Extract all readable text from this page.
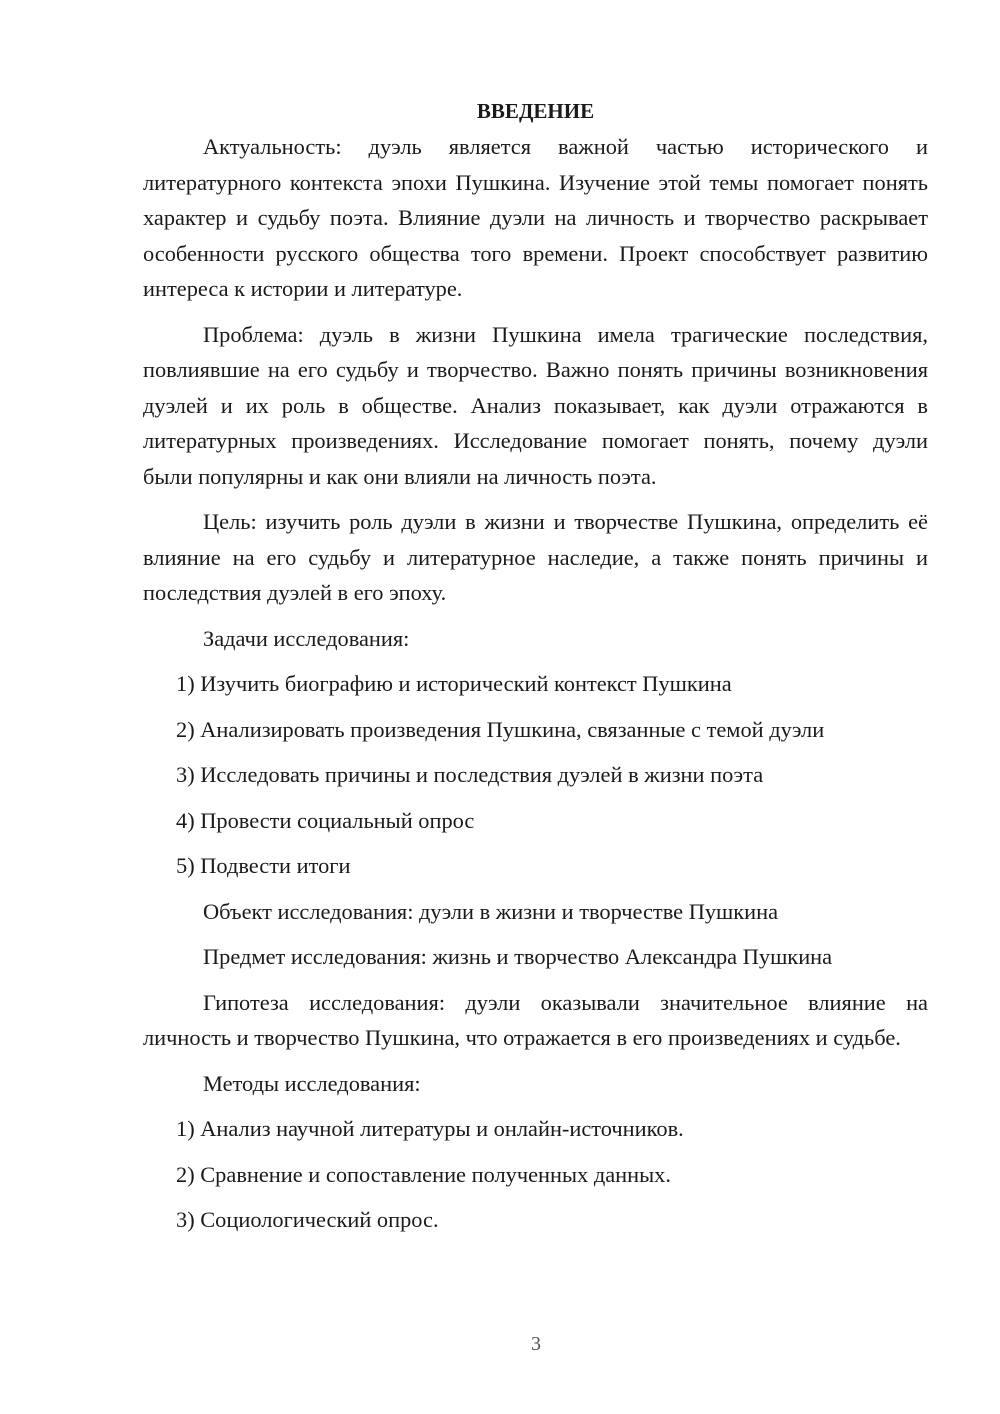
ВВЕДЕНИЕ

Актуальность: дуэль является важной частью исторического и литературного контекста эпохи Пушкина. Изучение этой темы помогает понять характер и судьбу поэта. Влияние дуэли на личность и творчество раскрывает особенности русского общества того времени. Проект способствует развитию интереса к истории и литературе.

Проблема: дуэль в жизни Пушкина имела трагические последствия, повлиявшие на его судьбу и творчество. Важно понять причины возникновения дуэлей и их роль в обществе. Анализ показывает, как дуэли отражаются в литературных произведениях. Исследование помогает понять, почему дуэли были популярны и как они влияли на личность поэта.

Цель: изучить роль дуэли в жизни и творчестве Пушкина, определить её влияние на его судьбу и литературное наследие, а также понять причины и последствия дуэлей в его эпоху.

Задачи исследования:
1) Изучить биографию и исторический контекст Пушкина
2) Анализировать произведения Пушкина, связанные с темой дуэли
3) Исследовать причины и последствия дуэлей в жизни поэта
4) Провести социальный опрос
5) Подвести итоги
Объект исследования: дуэли в жизни и творчестве Пушкина
Предмет исследования: жизнь и творчество Александра Пушкина

Гипотеза исследования: дуэли оказывали значительное влияние на личность и творчество Пушкина, что отражается в его произведениях и судьбе.

Методы исследования:
1) Анализ научной литературы и онлайн-источников.
2) Сравнение и сопоставление полученных данных.
3) Социологический опрос.
3
